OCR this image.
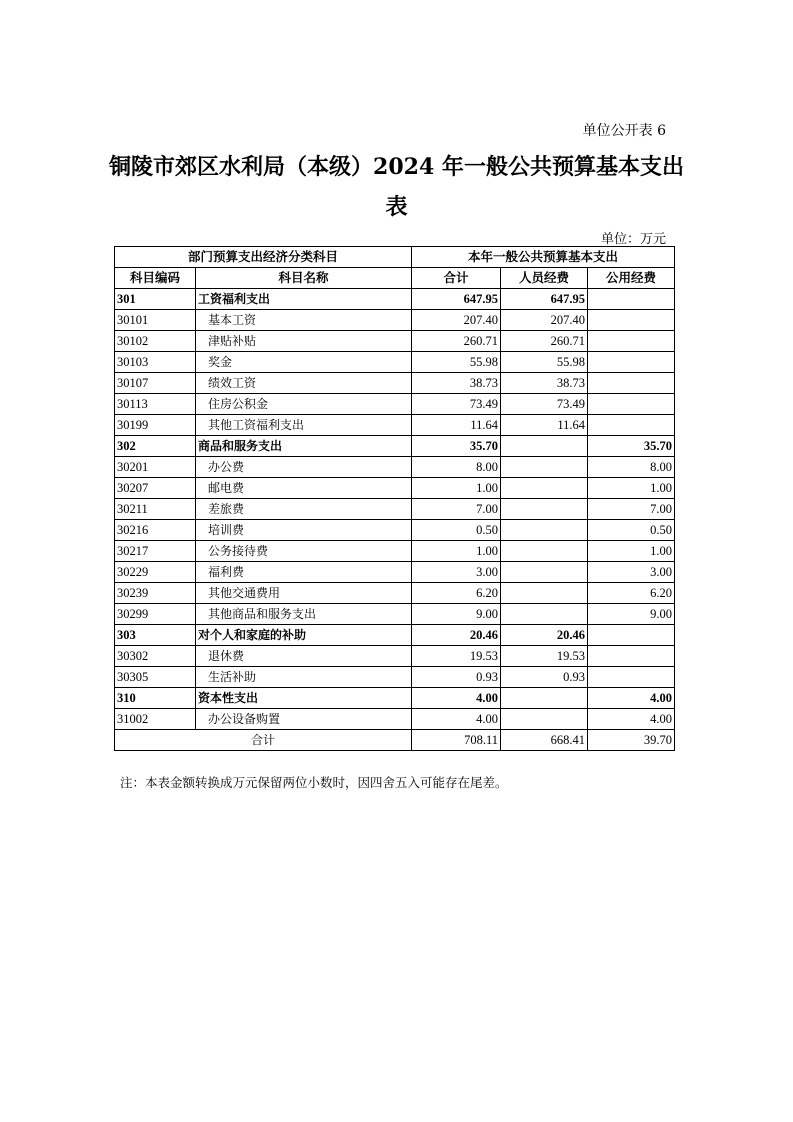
单位公开表 6
铜陵市郊区水利局（本级）2024 年一般公共预算基本支出
表
单位：万元
部门预算支出经济分类科目		本年一般公共预算基本支出		
科目编码	科目名称	合计	人员经费	公用经费
301	工资福利支出	647.95	647.95	
30101	基本工资	207.40	207.40	
30102	津贴补贴	260.71	260.71	
30103	奖金	55.98	55.98	
30107	绩效工资	38.73	38.73	
30113	住房公积金	73.49	73.49	
30199	其他工资福利支出	11.64	11.64	
302	商品和服务支出	35.70		35.70
30201	办公费	8.00		8.00
30207	邮电费	1.00		1.00
30211	差旅费	7.00		7.00
30216	培训费	0.50		0.50
30217	公务接待费	1.00		1.00
30229	福利费	3.00		3.00
30239	其他交通费用	6.20		6.20
30299	其他商品和服务支出	9.00		9.00
303	对个人和家庭的补助	20.46	20.46	
30302	退休费	19.53	19.53	
30305	生活补助	0.93	0.93	
310	资本性支出	4.00		4.00
31002	办公设备购置	4.00		4.00
合计		708.11	668.41	39.70
注：本表金额转换成万元保留两位小数时，因四舍五入可能存在尾差。
